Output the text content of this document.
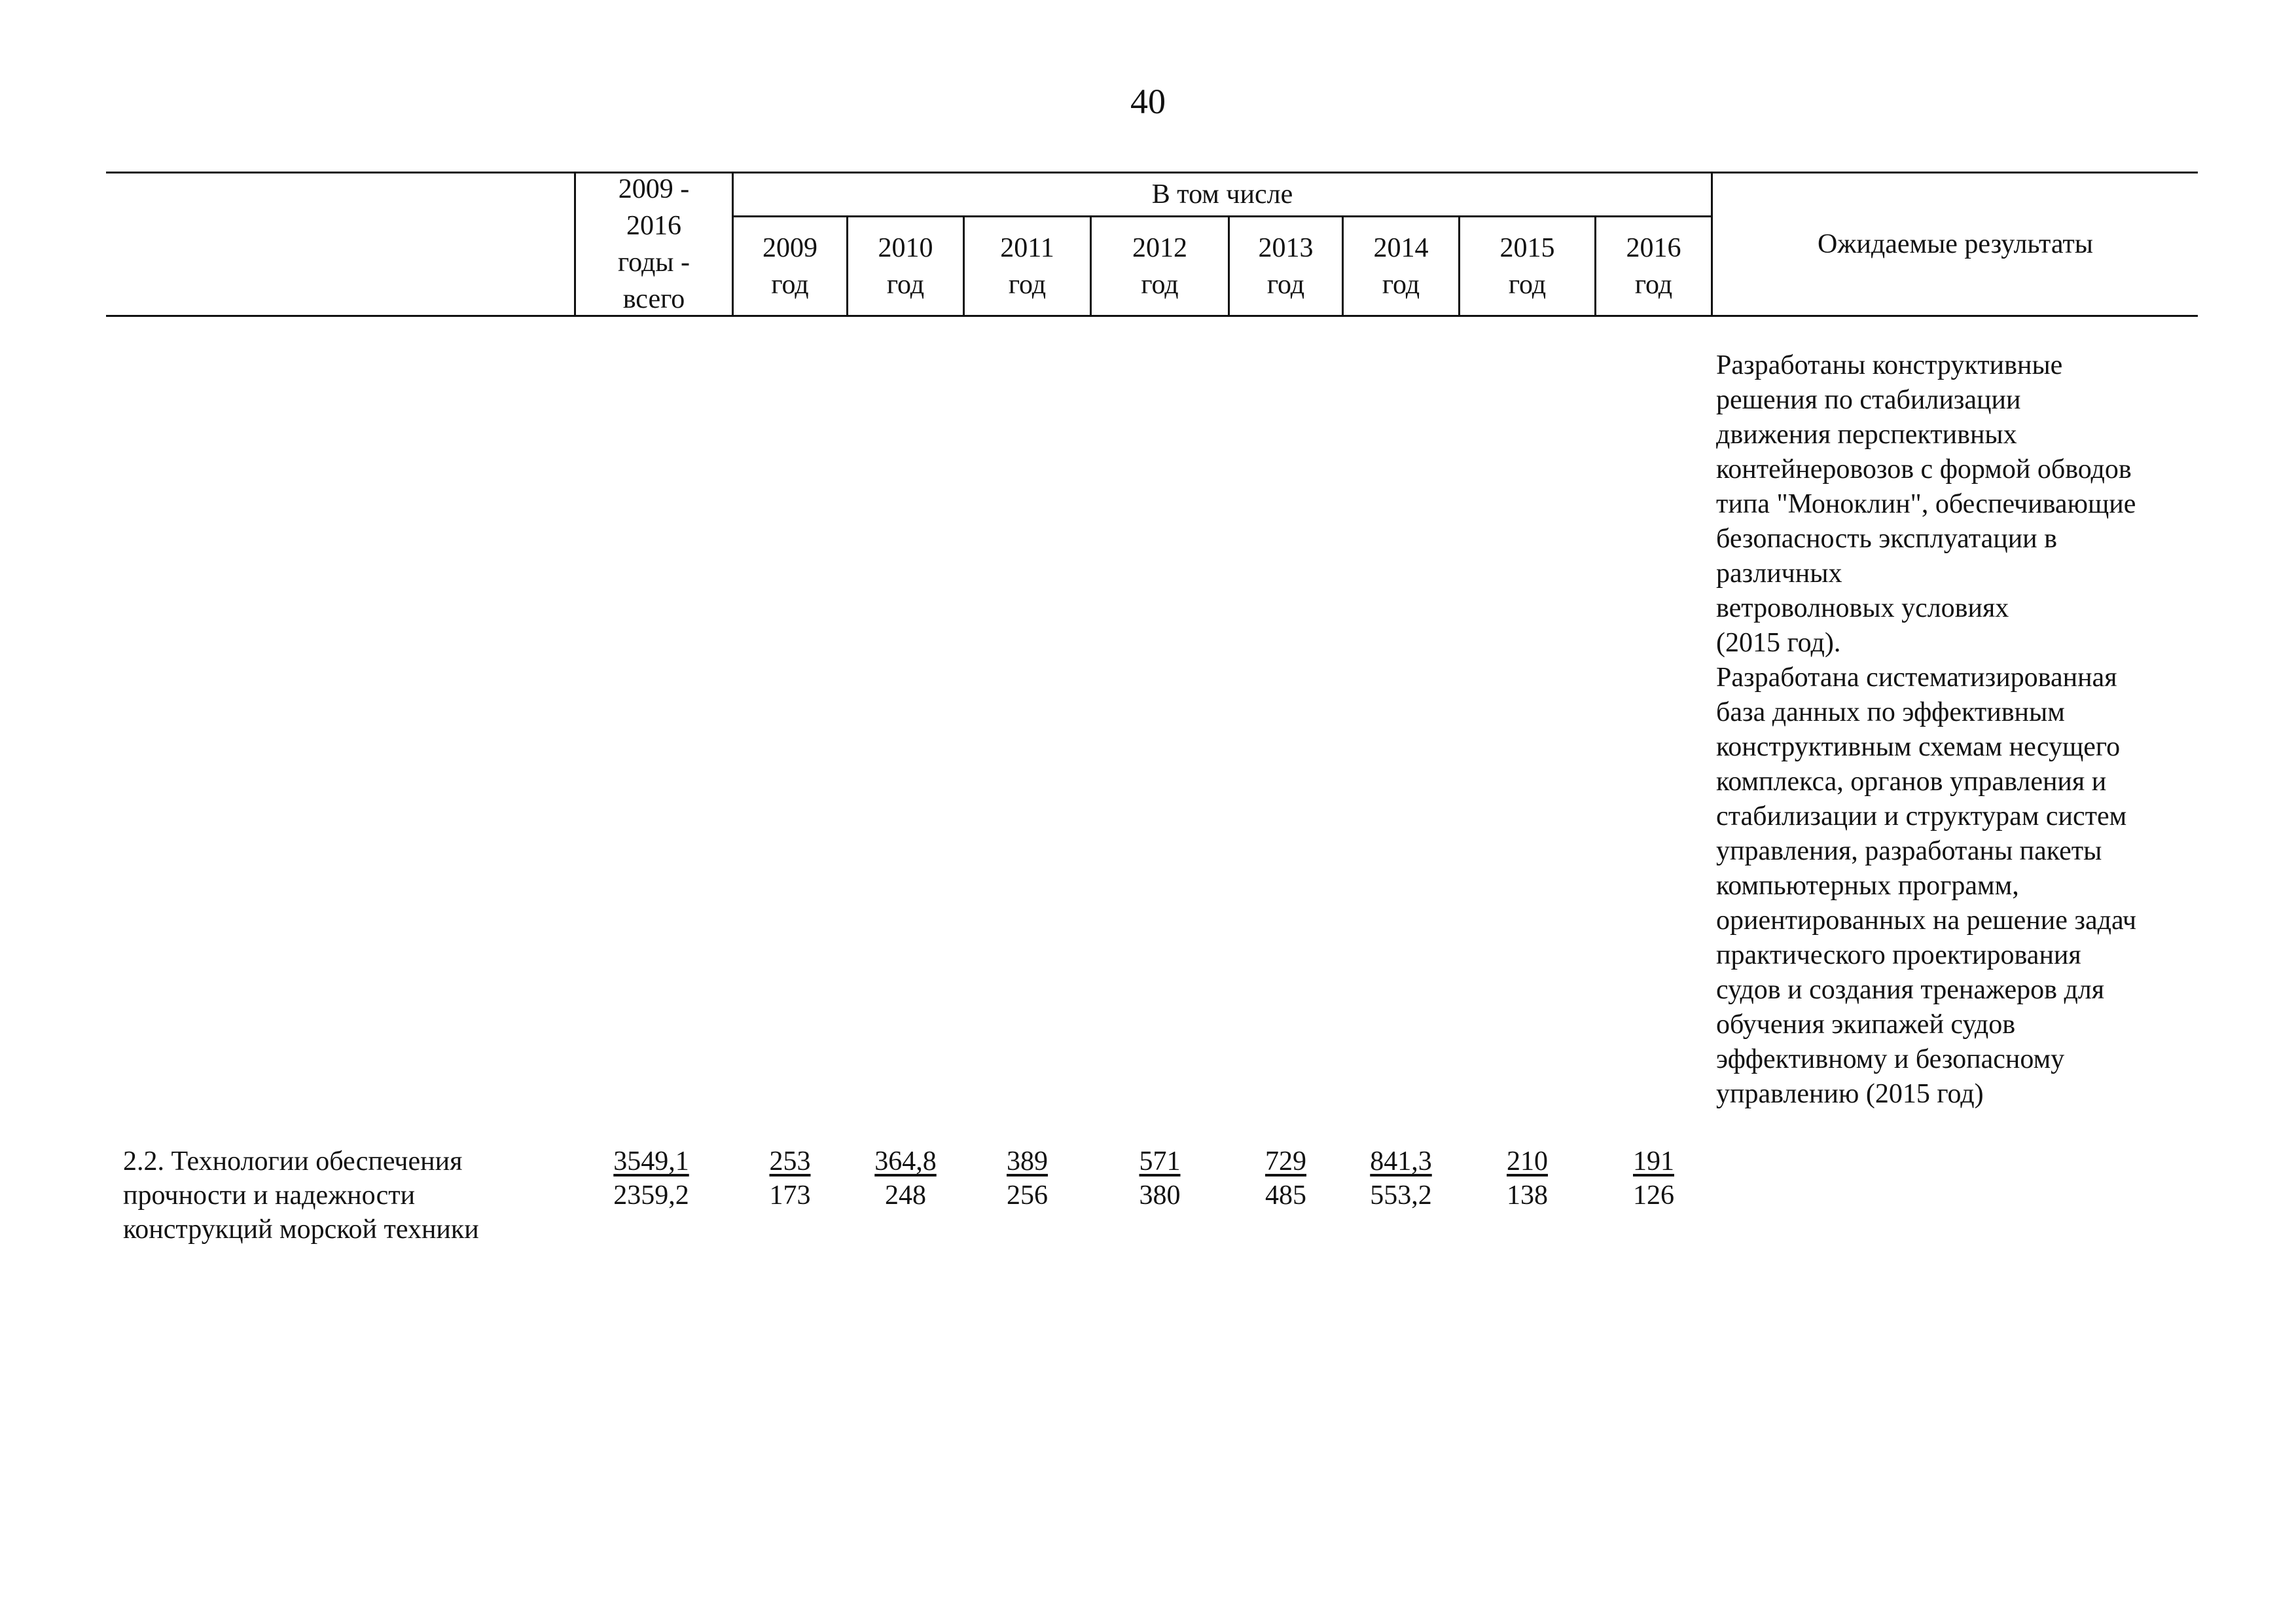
40
2009 -
2016
годы -
всего
В том числе
2009
год
2010
год
2011
год
2012
год
2013
год
2014
год
2015
год
2016
год
Ожидаемые результаты

Разработаны конструктивные
решения по стабилизации
движения перспективных
контейнеровозов с формой обводов
типа "Моноклин", обеспечивающие
безопасность эксплуатации в
различных
ветроволновых условиях
(2015 год).

Разработана систематизированная
база данных по эффективным
конструктивным схемам несущего
комплекса, органов управления и
стабилизации и структурам систем
управления, разработаны пакеты
компьютерных программ,
ориентированных на решение задач
практического проектирования
судов и создания тренажеров для
обучения экипажей судов
эффективному и безопасному
управлению (2015 год)

2.2. Технологии обеспечения
прочности и надежности
конструкций морской техники
3549,1
2359,2
253
173
364,8
248
389
256
571
380
729
485
841,3
553,2
210
138
191
126
